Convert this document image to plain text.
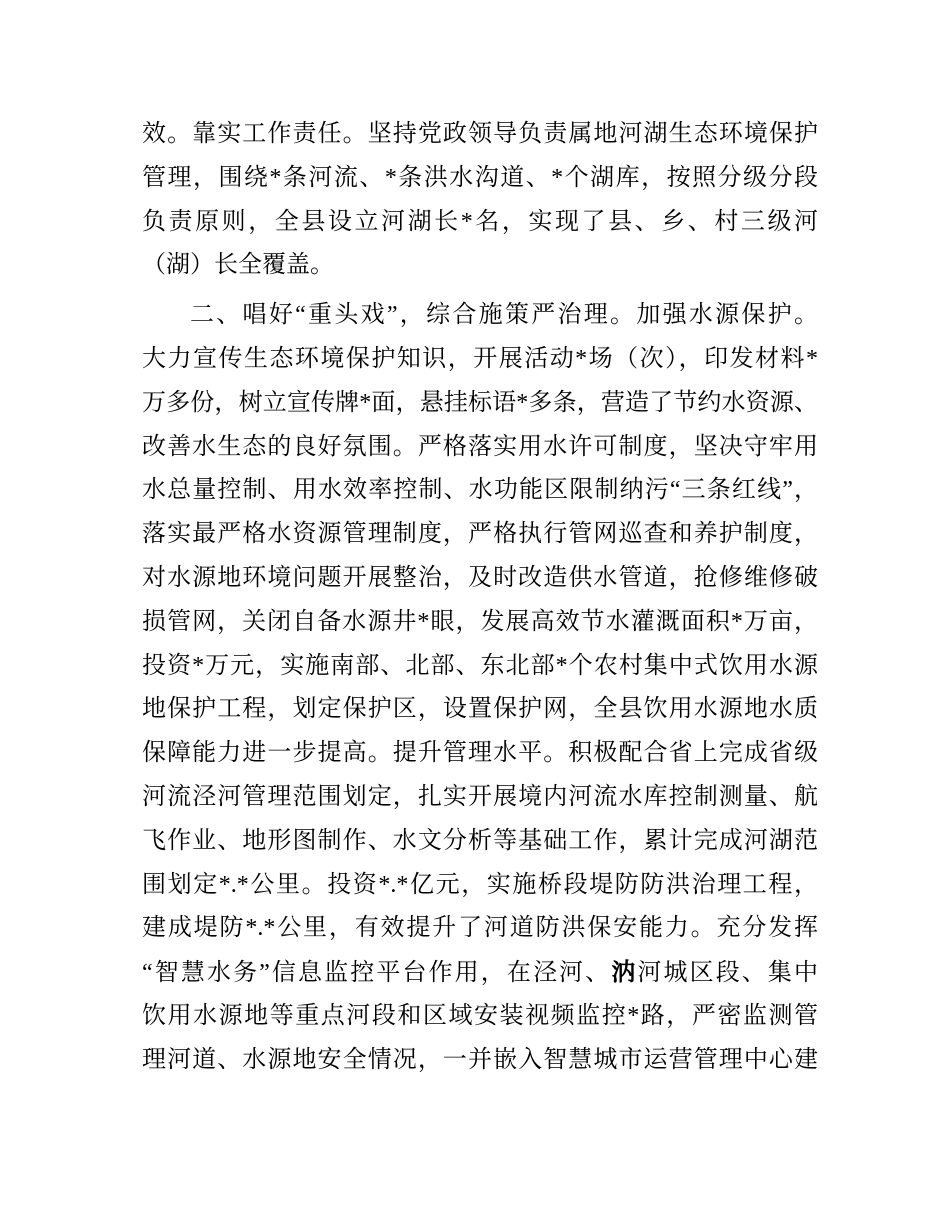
效。靠实工作责任。坚持党政领导负责属地河湖生态环境保护
管理，围绕*条河流、*条洪水沟道、*个湖库，按照分级分段
负责原则，全县设立河湖长*名，实现了县、乡、村三级河
（湖）长全覆盖。

二、唱好“重头戏”，综合施策严治理。加强水源保护。
大力宣传生态环境保护知识，开展活动*场（次），印发材料*
万多份，树立宣传牌*面，悬挂标语*多条，营造了节约水资源、
改善水生态的良好氛围。严格落实用水许可制度，坚决守牢用
水总量控制、用水效率控制、水功能区限制纳污“三条红线”，
落实最严格水资源管理制度，严格执行管网巡查和养护制度，
对水源地环境问题开展整治，及时改造供水管道，抢修维修破
损管网，关闭自备水源井*眼，发展高效节水灌溉面积*万亩，
投资*万元，实施南部、北部、东北部*个农村集中式饮用水源
地保护工程，划定保护区，设置保护网，全县饮用水源地水质
保障能力进一步提高。提升管理水平。积极配合省上完成省级
河流泾河管理范围划定，扎实开展境内河流水库控制测量、航
飞作业、地形图制作、水文分析等基础工作，累计完成河湖范
围划定*.*公里。投资*.*亿元，实施桥段堤防防洪治理工程，
建成堤防*.*公里，有效提升了河道防洪保安能力。充分发挥
“智慧水务”信息监控平台作用，在泾河、汭河城区段、集中
饮用水源地等重点河段和区域安装视频监控*路，严密监测管
理河道、水源地安全情况，一并嵌入智慧城市运营管理中心建
